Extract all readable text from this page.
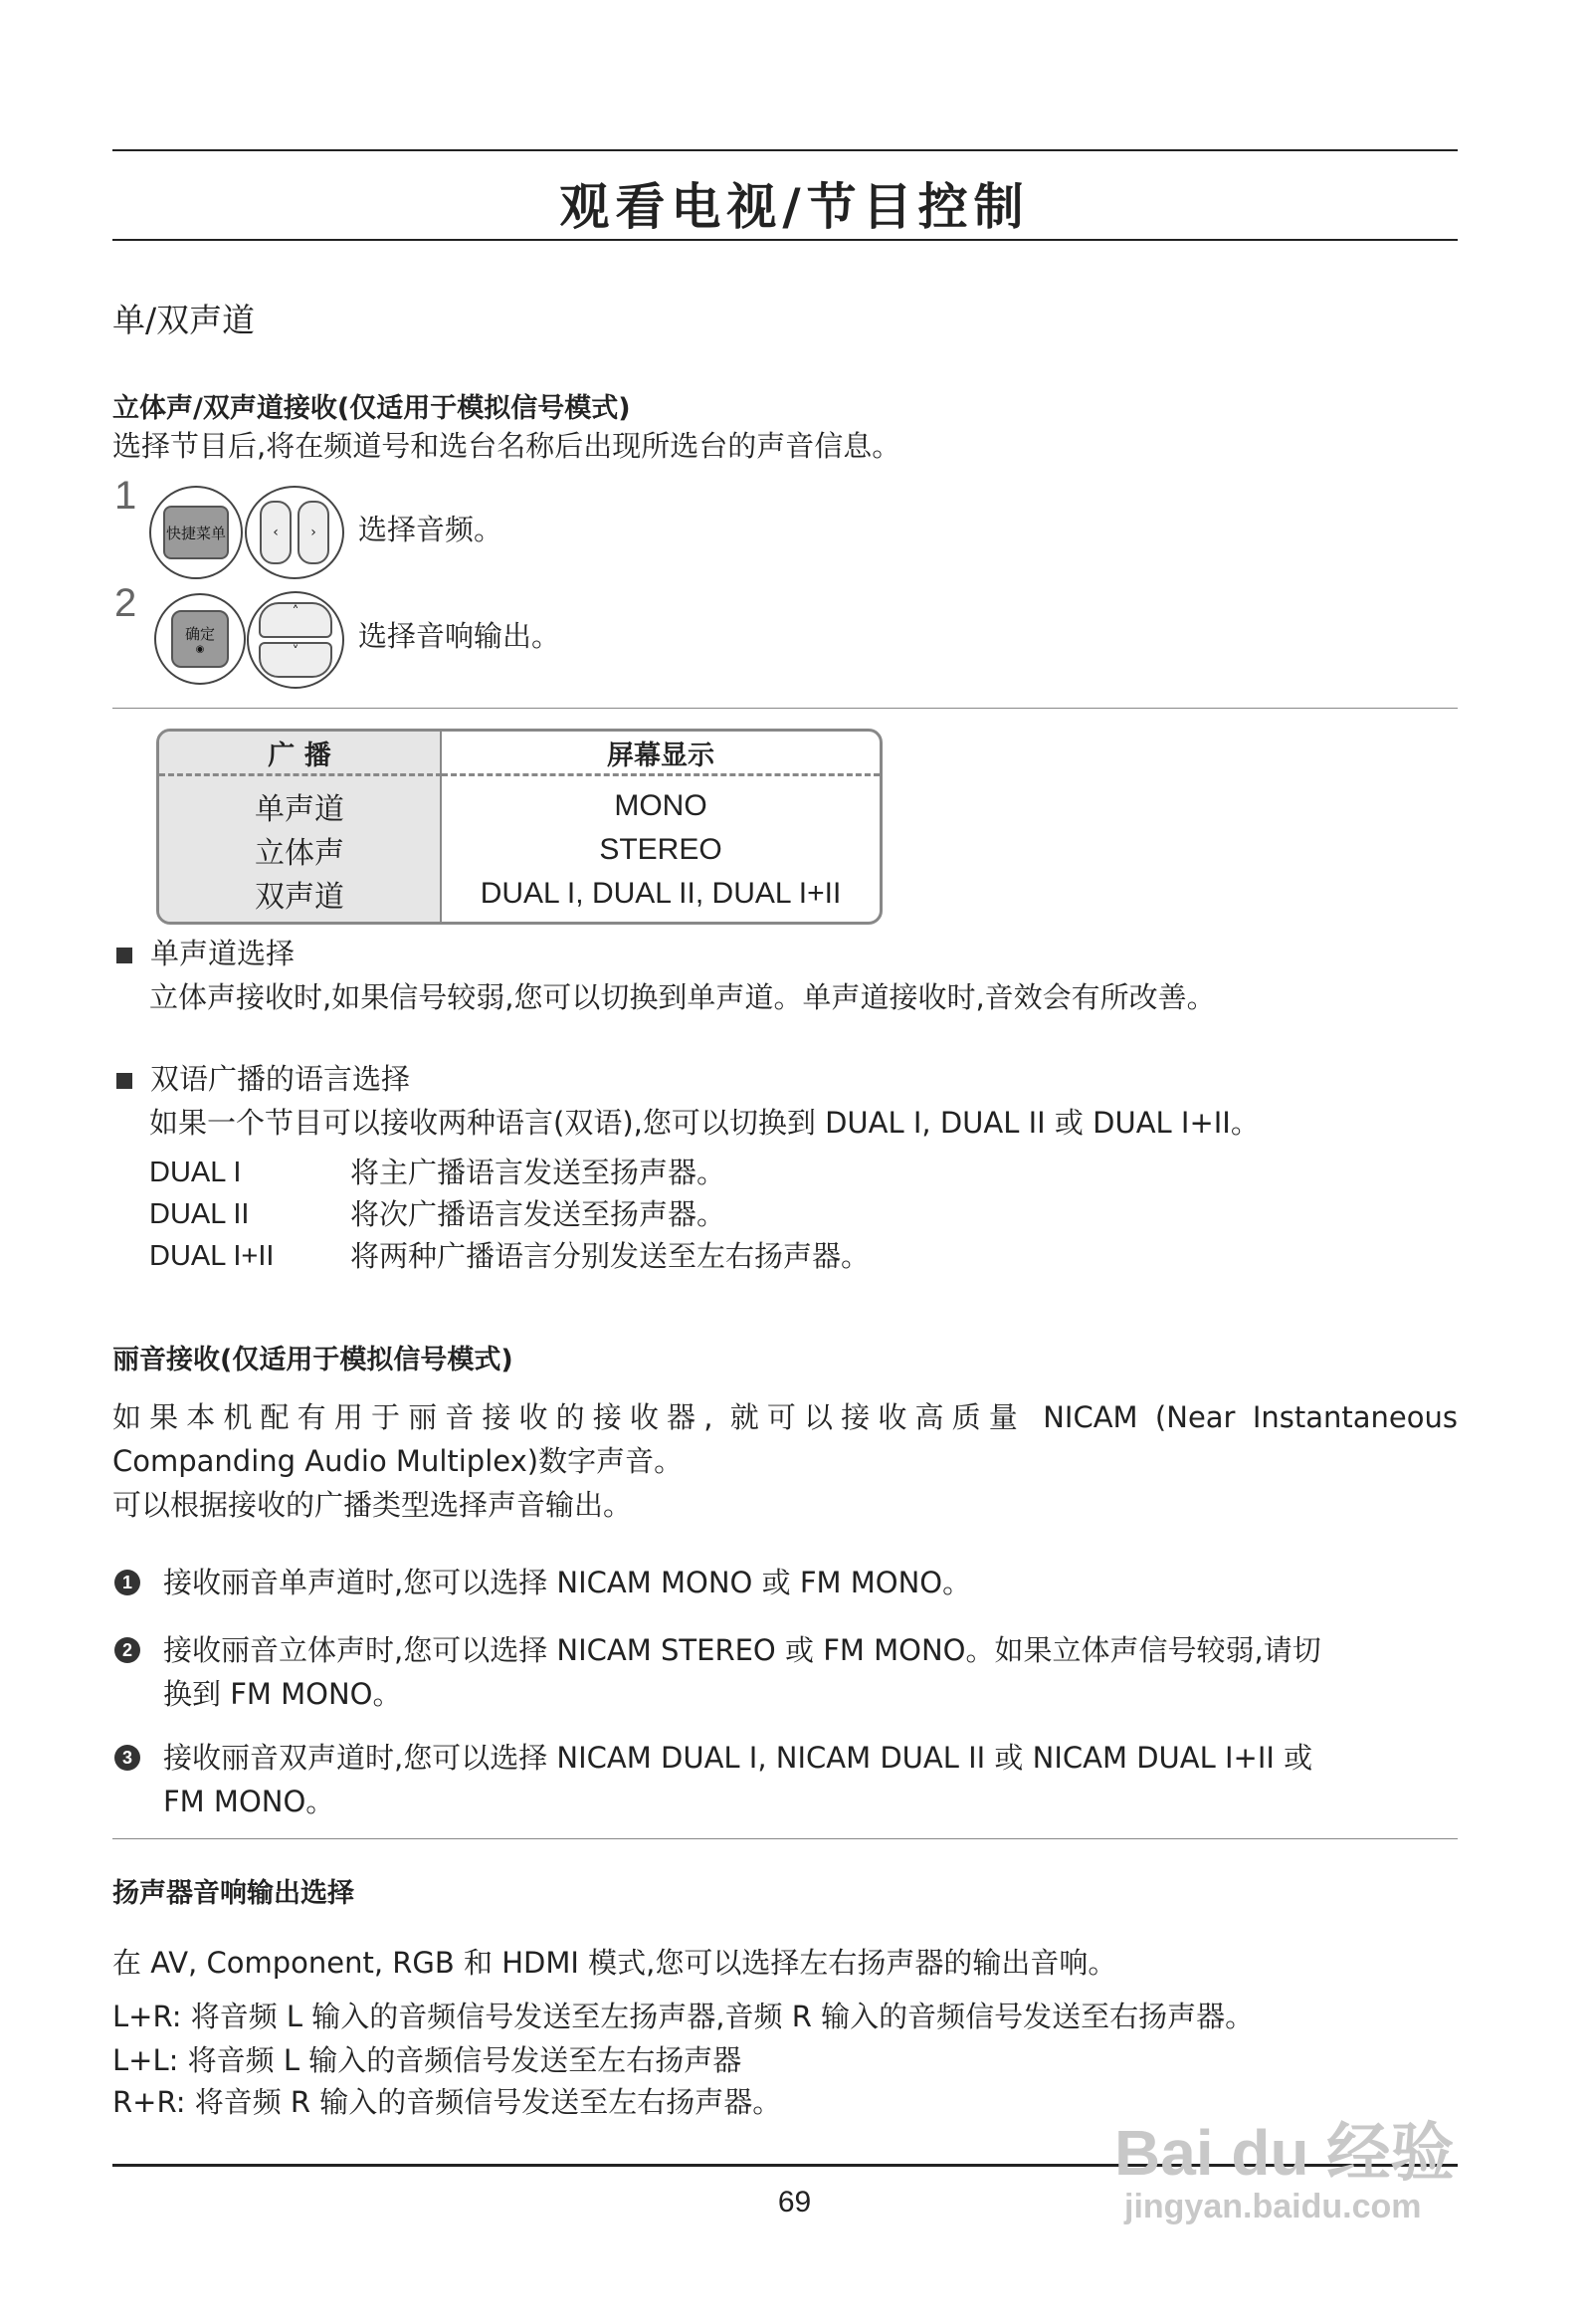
观看电视/节目控制
单/双声道
立体声/双声道接收(仅适用于模拟信号模式)
选择节目后,将在频道号和选台名称后出现所选台的声音信息。
1
快捷菜单	‹	›	选择音频。
2
确定
◉
˄
˅	选择音响输出。
广 播	屏幕显示
单声道	MONO
立体声	STEREO
双声道	DUAL I, DUAL II, DUAL I+II
单声道选择
立体声接收时,如果信号较弱,您可以切换到单声道。单声道接收时,音效会有所改善。
双语广播的语言选择
如果一个节目可以接收两种语言(双语),您可以切换到 DUAL I, DUAL II 或 DUAL I+II。
DUAL I	将主广播语言发送至扬声器。
DUAL II	将次广播语言发送至扬声器。
DUAL I+II	将两种广播语言分别发送至左右扬声器。
丽音接收(仅适用于模拟信号模式)
如果本机配有用于丽音接收的接收器, 就可以接收高质量 NICAM (Near Instantaneous
Companding Audio Multiplex)数字声音。
可以根据接收的广播类型选择声音输出。
1 接收丽音单声道时,您可以选择 NICAM MONO 或 FM MONO。
2 接收丽音立体声时,您可以选择 NICAM STEREO 或 FM MONO。如果立体声信号较弱,请切
换到 FM MONO。
3 接收丽音双声道时,您可以选择 NICAM DUAL I, NICAM DUAL II 或 NICAM DUAL I+II 或
FM MONO。
扬声器音响输出选择
在 AV, Component, RGB 和 HDMI 模式,您可以选择左右扬声器的输出音响。
L+R: 将音频 L 输入的音频信号发送至左扬声器,音频 R 输入的音频信号发送至右扬声器。
L+L: 将音频 L 输入的音频信号发送至左右扬声器
R+R: 将音频 R 输入的音频信号发送至左右扬声器。
69
Bai du 经验
jingyan.baidu.com
